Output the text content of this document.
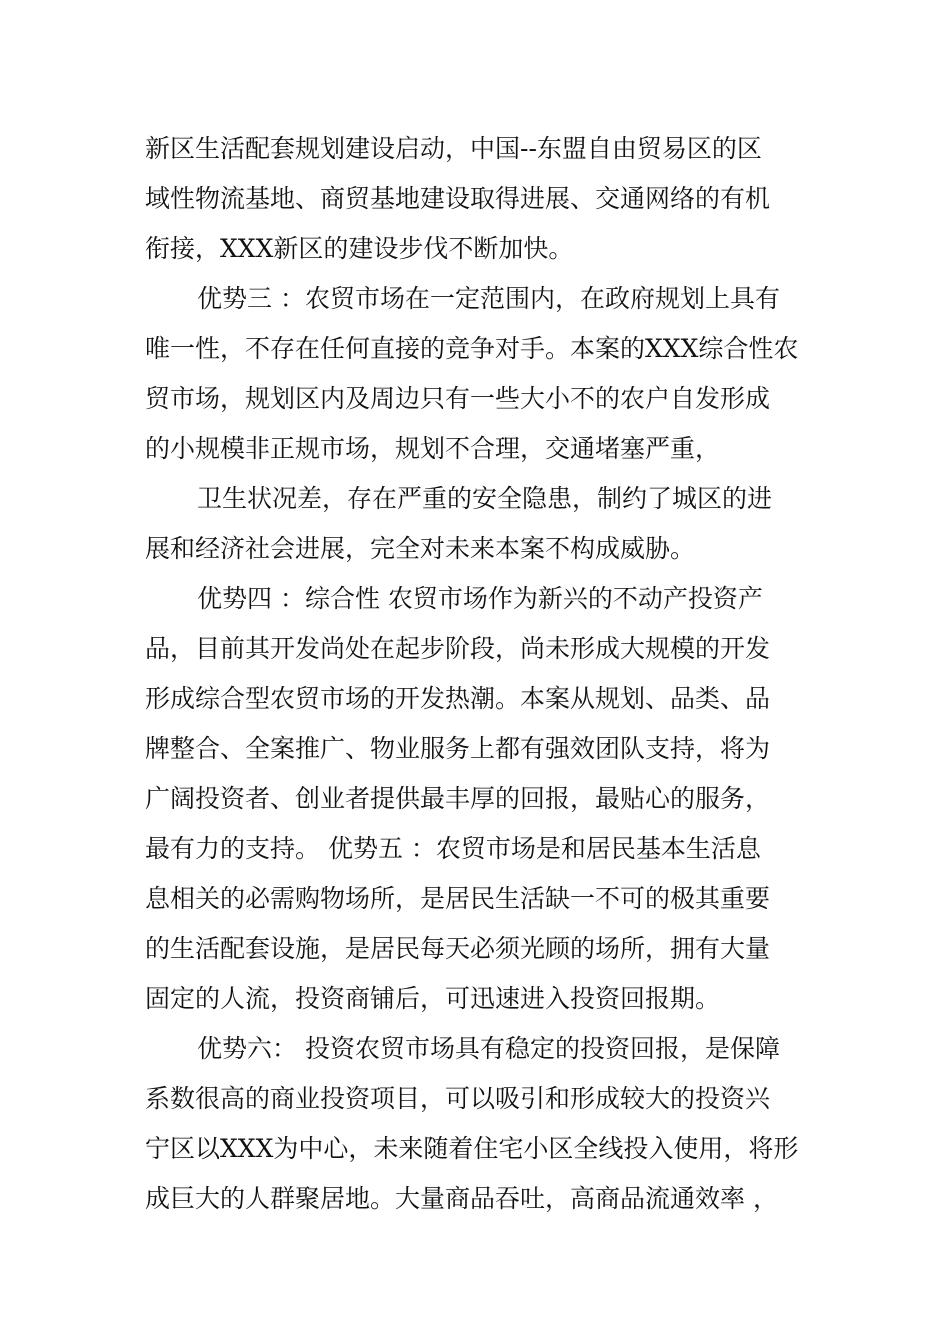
新区生活配套规划建设启动，中国--东盟自由贸易区的区
域性物流基地、商贸基地建设取得进展、交通网络的有机
衔接，XXX新区的建设步伐不断加快。
优势三 ：农贸市场在一定范围内，在政府规划上具有
唯一性，不存在任何直接的竞争对手。本案的XXX综合性农
贸市场，规划区内及周边只有一些大小不的农户自发形成
的小规模非正规市场，规划不合理，交通堵塞严重，
卫生状况差，存在严重的安全隐患，制约了城区的进
展和经济社会进展，完全对未来本案不构成威胁。
优势四 ：综合性 农贸市场作为新兴的不动产投资产
品，目前其开发尚处在起步阶段，尚未形成大规模的开发
形成综合型农贸市场的开发热潮。本案从规划、品类、品
牌整合、全案推广、物业服务上都有强效团队支持，将为
广阔投资者、创业者提供最丰厚的回报，最贴心的服务，
最有力的支持。 优势五 ：农贸市场是和居民基本生活息
息相关的必需购物场所，是居民生活缺一不可的极其重要
的生活配套设施，是居民每天必须光顾的场所，拥有大量
固定的人流，投资商铺后，可迅速进入投资回报期。
优势六： 投资农贸市场具有稳定的投资回报，是保障
系数很高的商业投资项目，可以吸引和形成较大的投资兴
宁区以XXX为中心，未来随着住宅小区全线投入使用，将形
成巨大的人群聚居地。大量商品吞吐，高商品流通效率 ，
